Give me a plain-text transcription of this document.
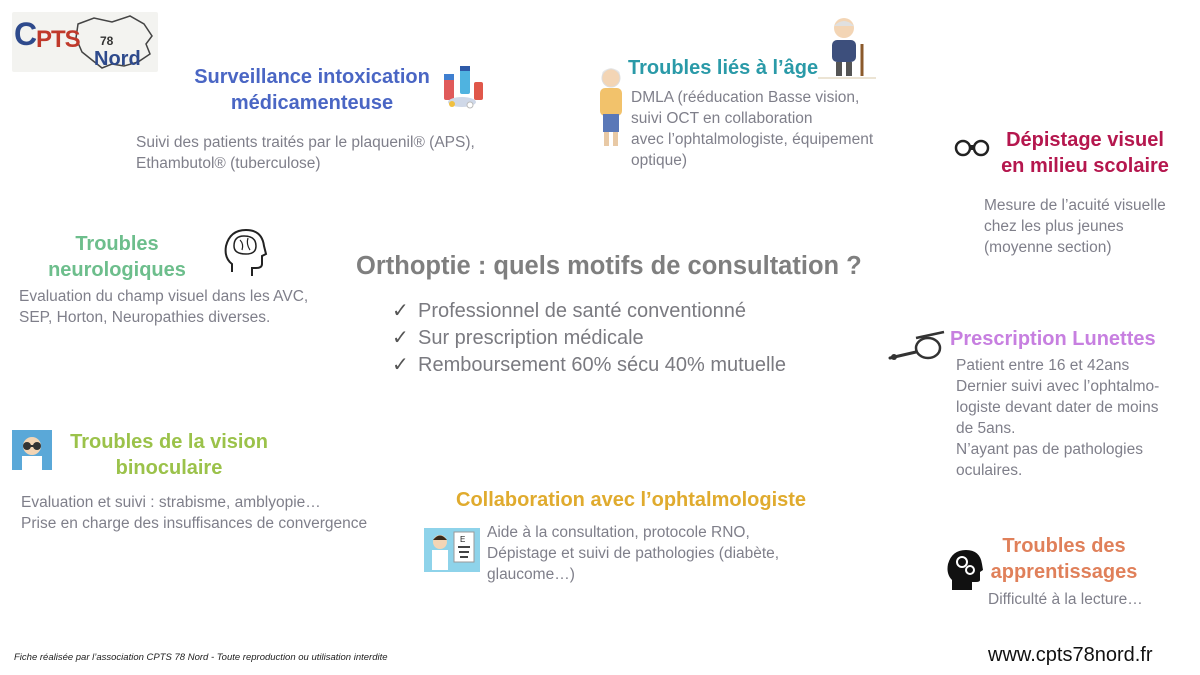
C
PTS 78
Nord
Surveillance intoxication
médicamenteuse
Suivi des patients traités par le plaquenil® (APS),
Ethambutol® (tuberculose)
Troubles liés à l’âge
DMLA (rééducation Basse vision,
suivi OCT en collaboration
avec l’ophtalmologiste, équipement
optique)
Dépistage visuel
en milieu scolaire
Mesure de l’acuité visuelle
chez les plus jeunes
(moyenne section)
Troubles
neurologiques
Evaluation du champ visuel dans les AVC,
SEP, Horton, Neuropathies diverses.
Orthoptie : quels motifs de consultation ?
✓ Professionnel de santé conventionné
✓ Sur prescription médicale
✓ Remboursement 60% sécu 40% mutuelle
Prescription Lunettes
Patient entre 16 et 42ans
Dernier suivi avec l’ophtalmo-
logiste devant dater de moins
de 5ans.
N’ayant pas de pathologies
oculaires.
Troubles de la vision
binoculaire
Evaluation et suivi : strabisme, amblyopie…
Prise en charge des insuffisances de convergence
Collaboration avec l’ophtalmologiste
E Aide à la consultation, protocole RNO,
Dépistage et suivi de pathologies (diabète,
glaucome…)
Troubles des
apprentissages
Difficulté à la lecture…
Fiche réalisée par l’association CPTS 78 Nord - Toute reproduction ou utilisation interdite	www.cpts78nord.fr
